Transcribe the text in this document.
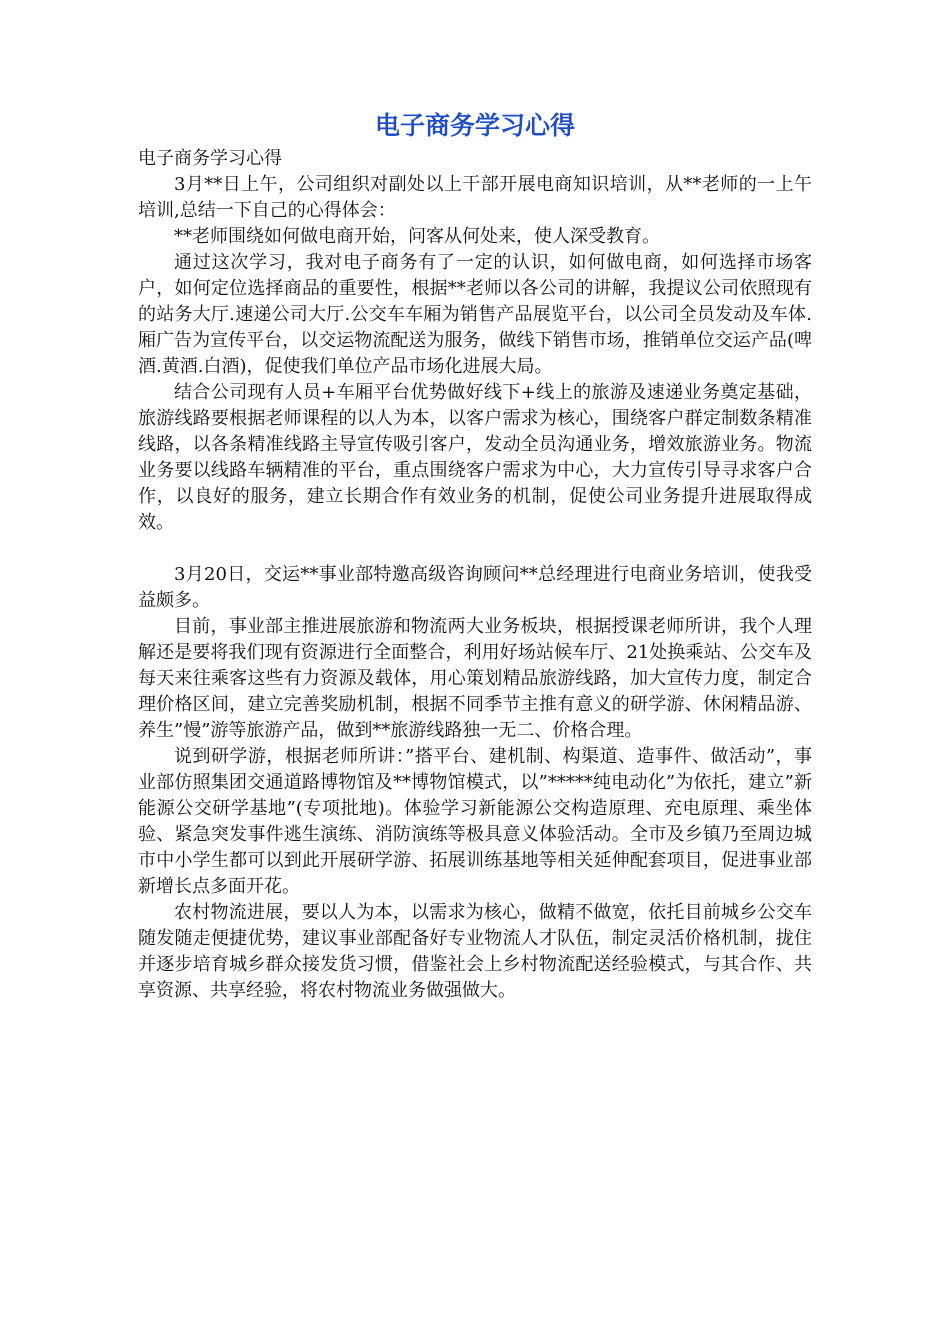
电子商务学习心得

电子商务学习心得

3月**日上午，公司组织对副处以上干部开展电商知识培训，从**老师的一上午培训,总结一下自己的心得体会：

**老师围绕如何做电商开始，问客从何处来，使人深受教育。

通过这次学习，我对电子商务有了一定的认识，如何做电商，如何选择市场客户，如何定位选择商品的重要性，根据**老师以各公司的讲解，我提议公司依照现有的站务大厅.速递公司大厅.公交车车厢为销售产品展览平台，以公司全员发动及车体.厢广告为宣传平台，以交运物流配送为服务，做线下销售市场，推销单位交运产品(啤酒.黄酒.白酒)，促使我们单位产品市场化进展大局。

结合公司现有人员+车厢平台优势做好线下+线上的旅游及速递业务奠定基础，旅游线路要根据老师课程的以人为本，以客户需求为核心，围绕客户群定制数条精准线路，以各条精准线路主导宣传吸引客户，发动全员沟通业务，增效旅游业务。物流业务要以线路车辆精准的平台，重点围绕客户需求为中心，大力宣传引导寻求客户合作，以良好的服务，建立长期合作有效业务的机制，促使公司业务提升进展取得成效。

3月20日，交运**事业部特邀高级咨询顾问**总经理进行电商业务培训，使我受益颇多。

目前，事业部主推进展旅游和物流两大业务板块，根据授课老师所讲，我个人理解还是要将我们现有资源进行全面整合，利用好场站候车厅、21处换乘站、公交车及每天来往乘客这些有力资源及载体，用心策划精品旅游线路，加大宣传力度，制定合理价格区间，建立完善奖励机制，根据不同季节主推有意义的研学游、休闲精品游、养生”慢”游等旅游产品，做到**旅游线路独一无二、价格合理。

说到研学游，根据老师所讲：”搭平台、建机制、构渠道、造事件、做活动”，事业部仿照集团交通道路博物馆及**博物馆模式，以”*****纯电动化”为依托，建立”新能源公交研学基地”(专项批地)。体验学习新能源公交构造原理、充电原理、乘坐体验、紧急突发事件逃生演练、消防演练等极具意义体验活动。全市及乡镇乃至周边城市中小学生都可以到此开展研学游、拓展训练基地等相关延伸配套项目，促进事业部新增长点多面开花。

农村物流进展，要以人为本，以需求为核心，做精不做宽，依托目前城乡公交车随发随走便捷优势，建议事业部配备好专业物流人才队伍，制定灵活价格机制，拢住并逐步培育城乡群众接发货习惯，借鉴社会上乡村物流配送经验模式，与其合作、共享资源、共享经验，将农村物流业务做强做大。
